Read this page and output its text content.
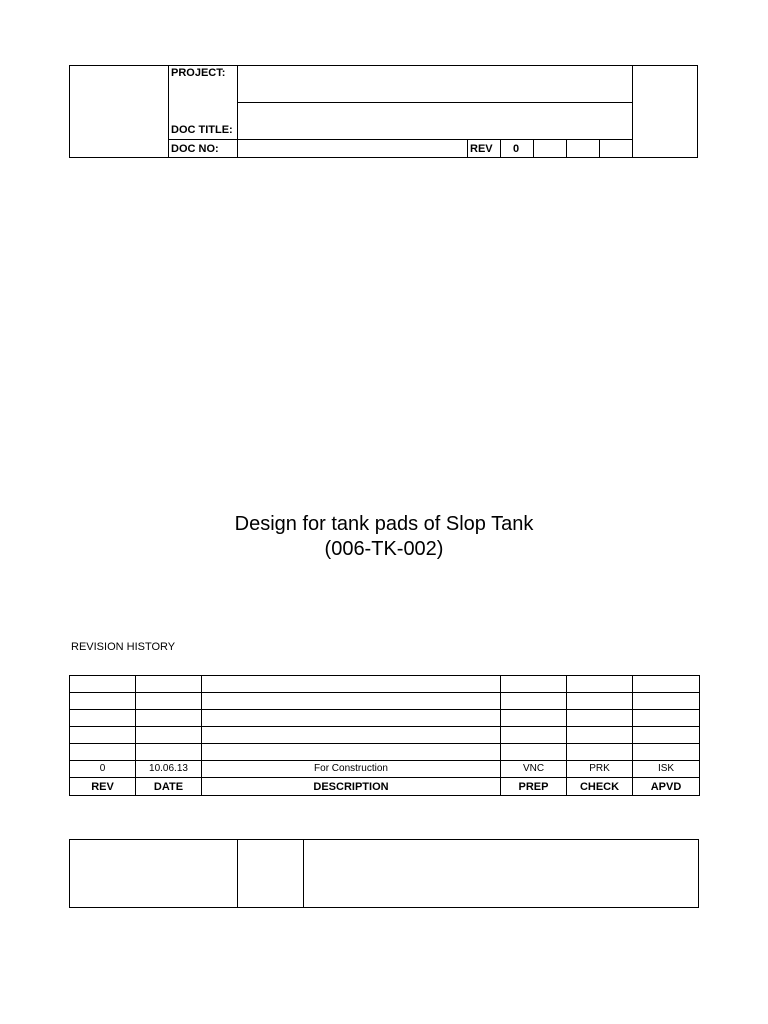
PROJECT:
DOC TITLE:
DOC NO:	REV 0
Design for tank pads of Slop Tank
(006-TK-002)
REVISION HISTORY

0	10.06.13	For Construction	VNC	PRK	ISK
REV	DATE	DESCRIPTION	PREP	CHECK	APVD
